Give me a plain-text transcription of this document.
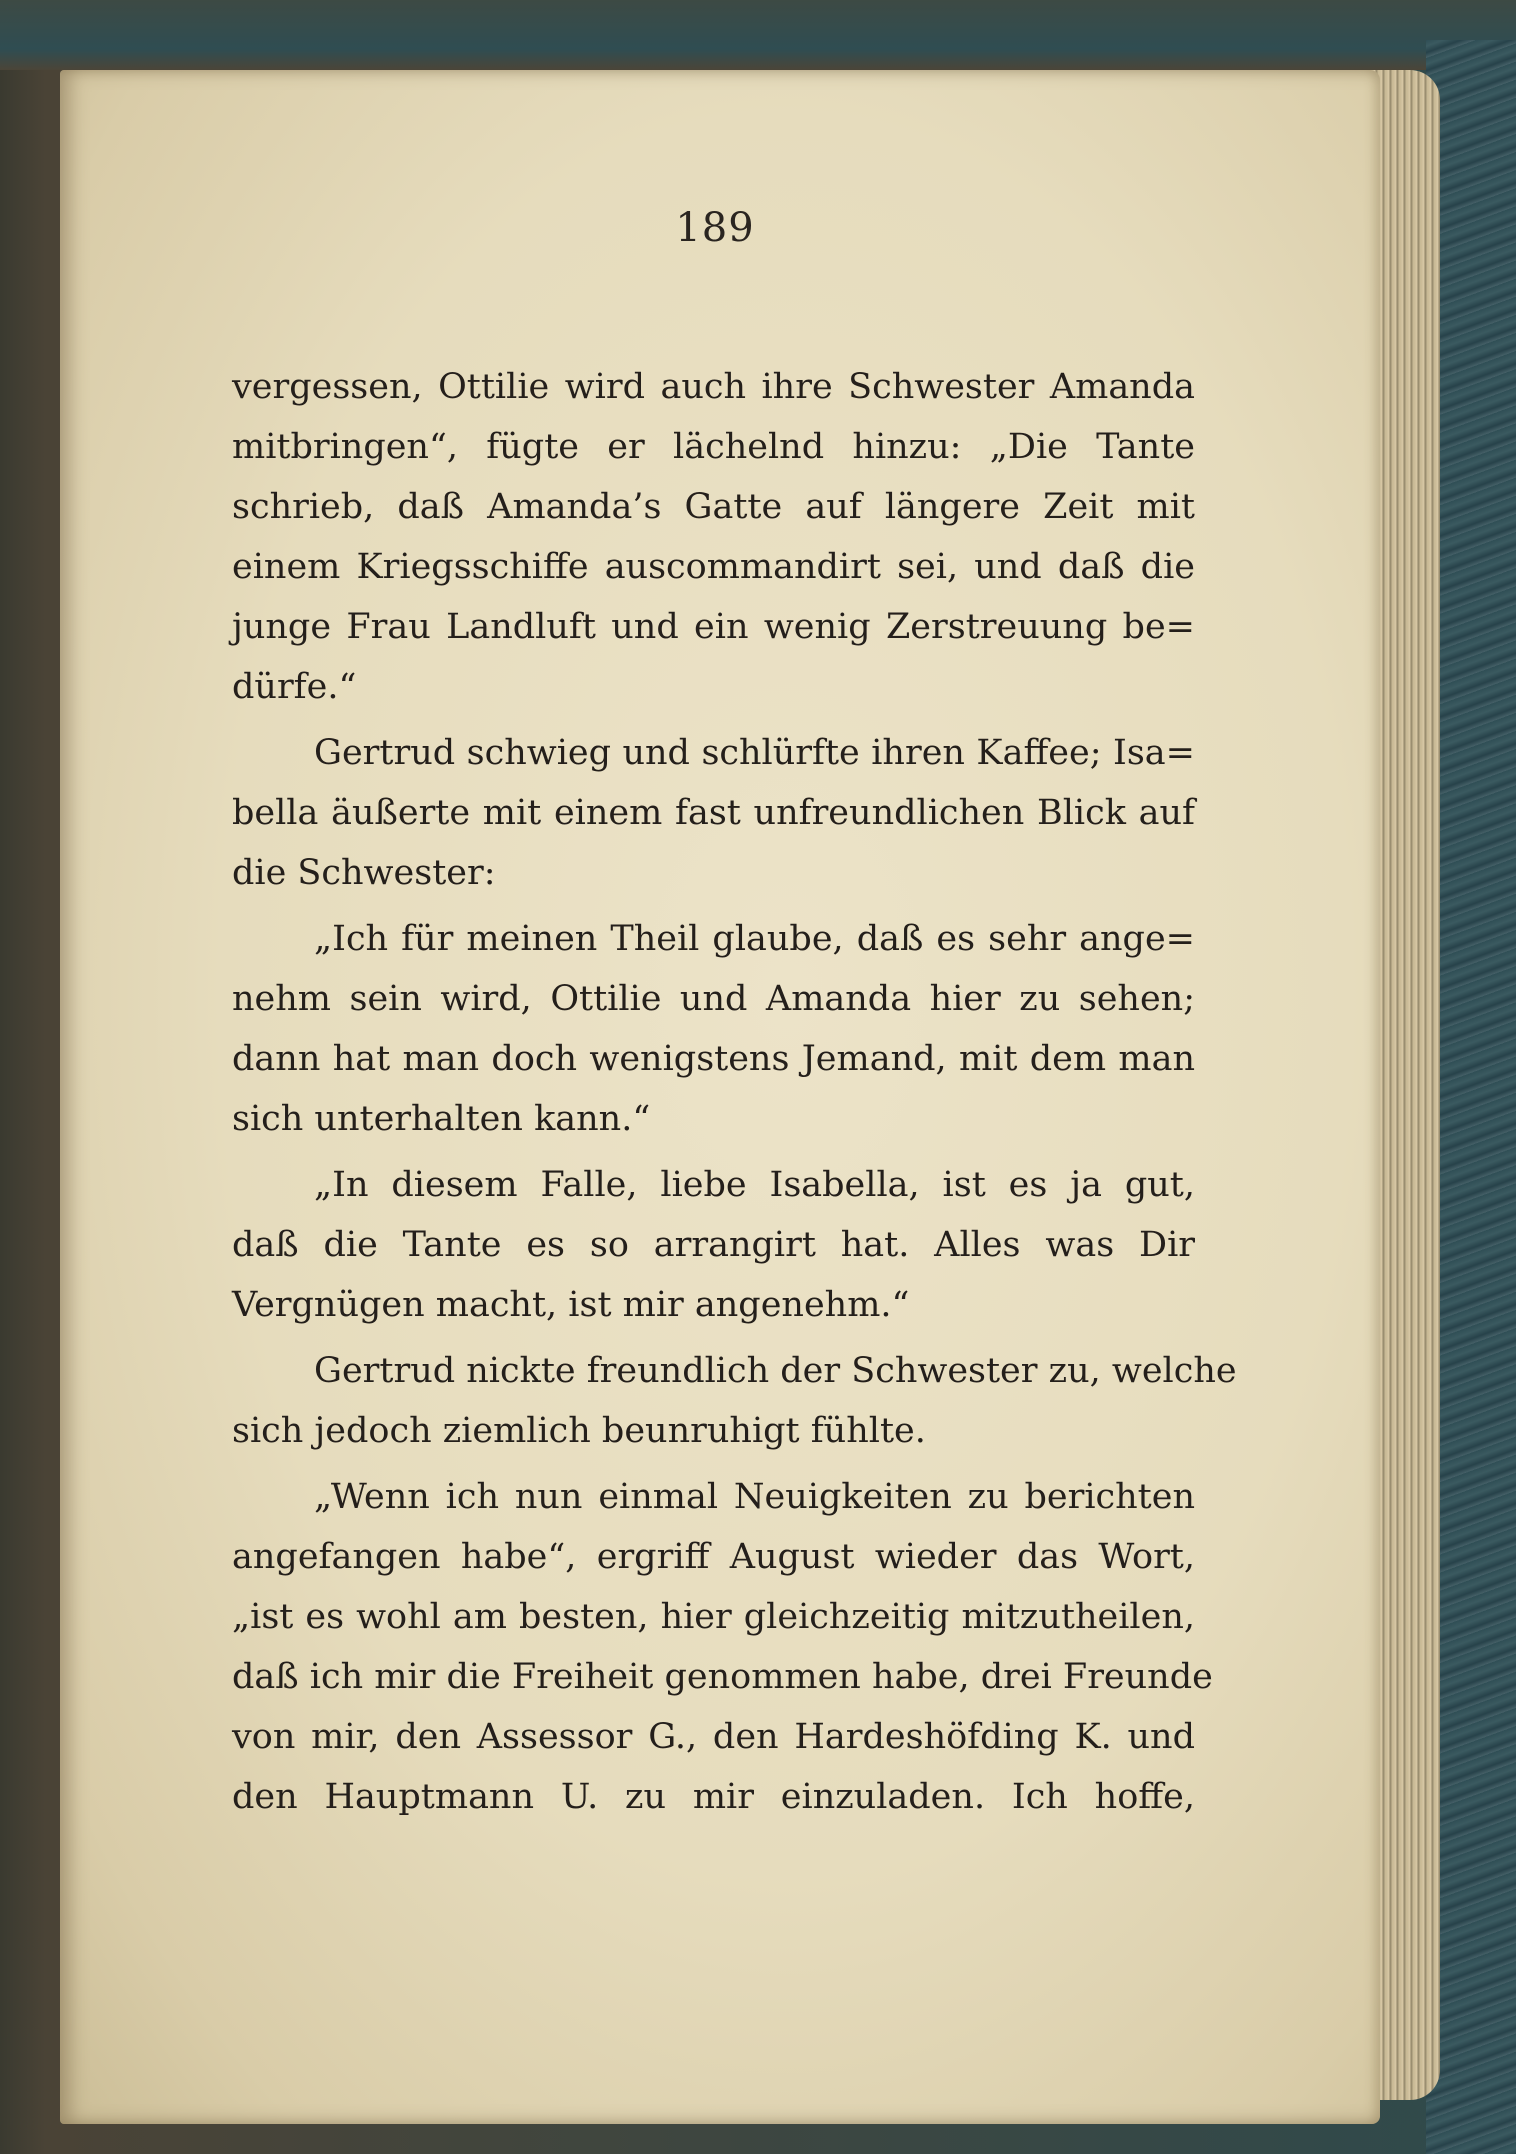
189
vergessen, Ottilie wird auch ihre Schwester Amanda
mitbringen“, fügte er lächelnd hinzu: „Die Tante
schrieb, daß Amanda’s Gatte auf längere Zeit mit
einem Kriegsschiffe auscommandirt sei, und daß die
junge Frau Landluft und ein wenig Zerstreuung be=
dürfe.“
Gertrud schwieg und schlürfte ihren Kaffee; Isa=
bella äußerte mit einem fast unfreundlichen Blick auf
die Schwester:
„Ich für meinen Theil glaube, daß es sehr ange=
nehm sein wird, Ottilie und Amanda hier zu sehen;
dann hat man doch wenigstens Jemand, mit dem man
sich unterhalten kann.“
„In diesem Falle, liebe Isabella, ist es ja gut,
daß die Tante es so arrangirt hat. Alles was Dir
Vergnügen macht, ist mir angenehm.“
Gertrud nickte freundlich der Schwester zu, welche
sich jedoch ziemlich beunruhigt fühlte.
„Wenn ich nun einmal Neuigkeiten zu berichten
angefangen habe“, ergriff August wieder das Wort,
„ist es wohl am besten, hier gleichzeitig mitzutheilen,
daß ich mir die Freiheit genommen habe, drei Freunde
von mir, den Assessor G., den Hardeshöfding K. und
den Hauptmann U. zu mir einzuladen. Ich hoffe,
